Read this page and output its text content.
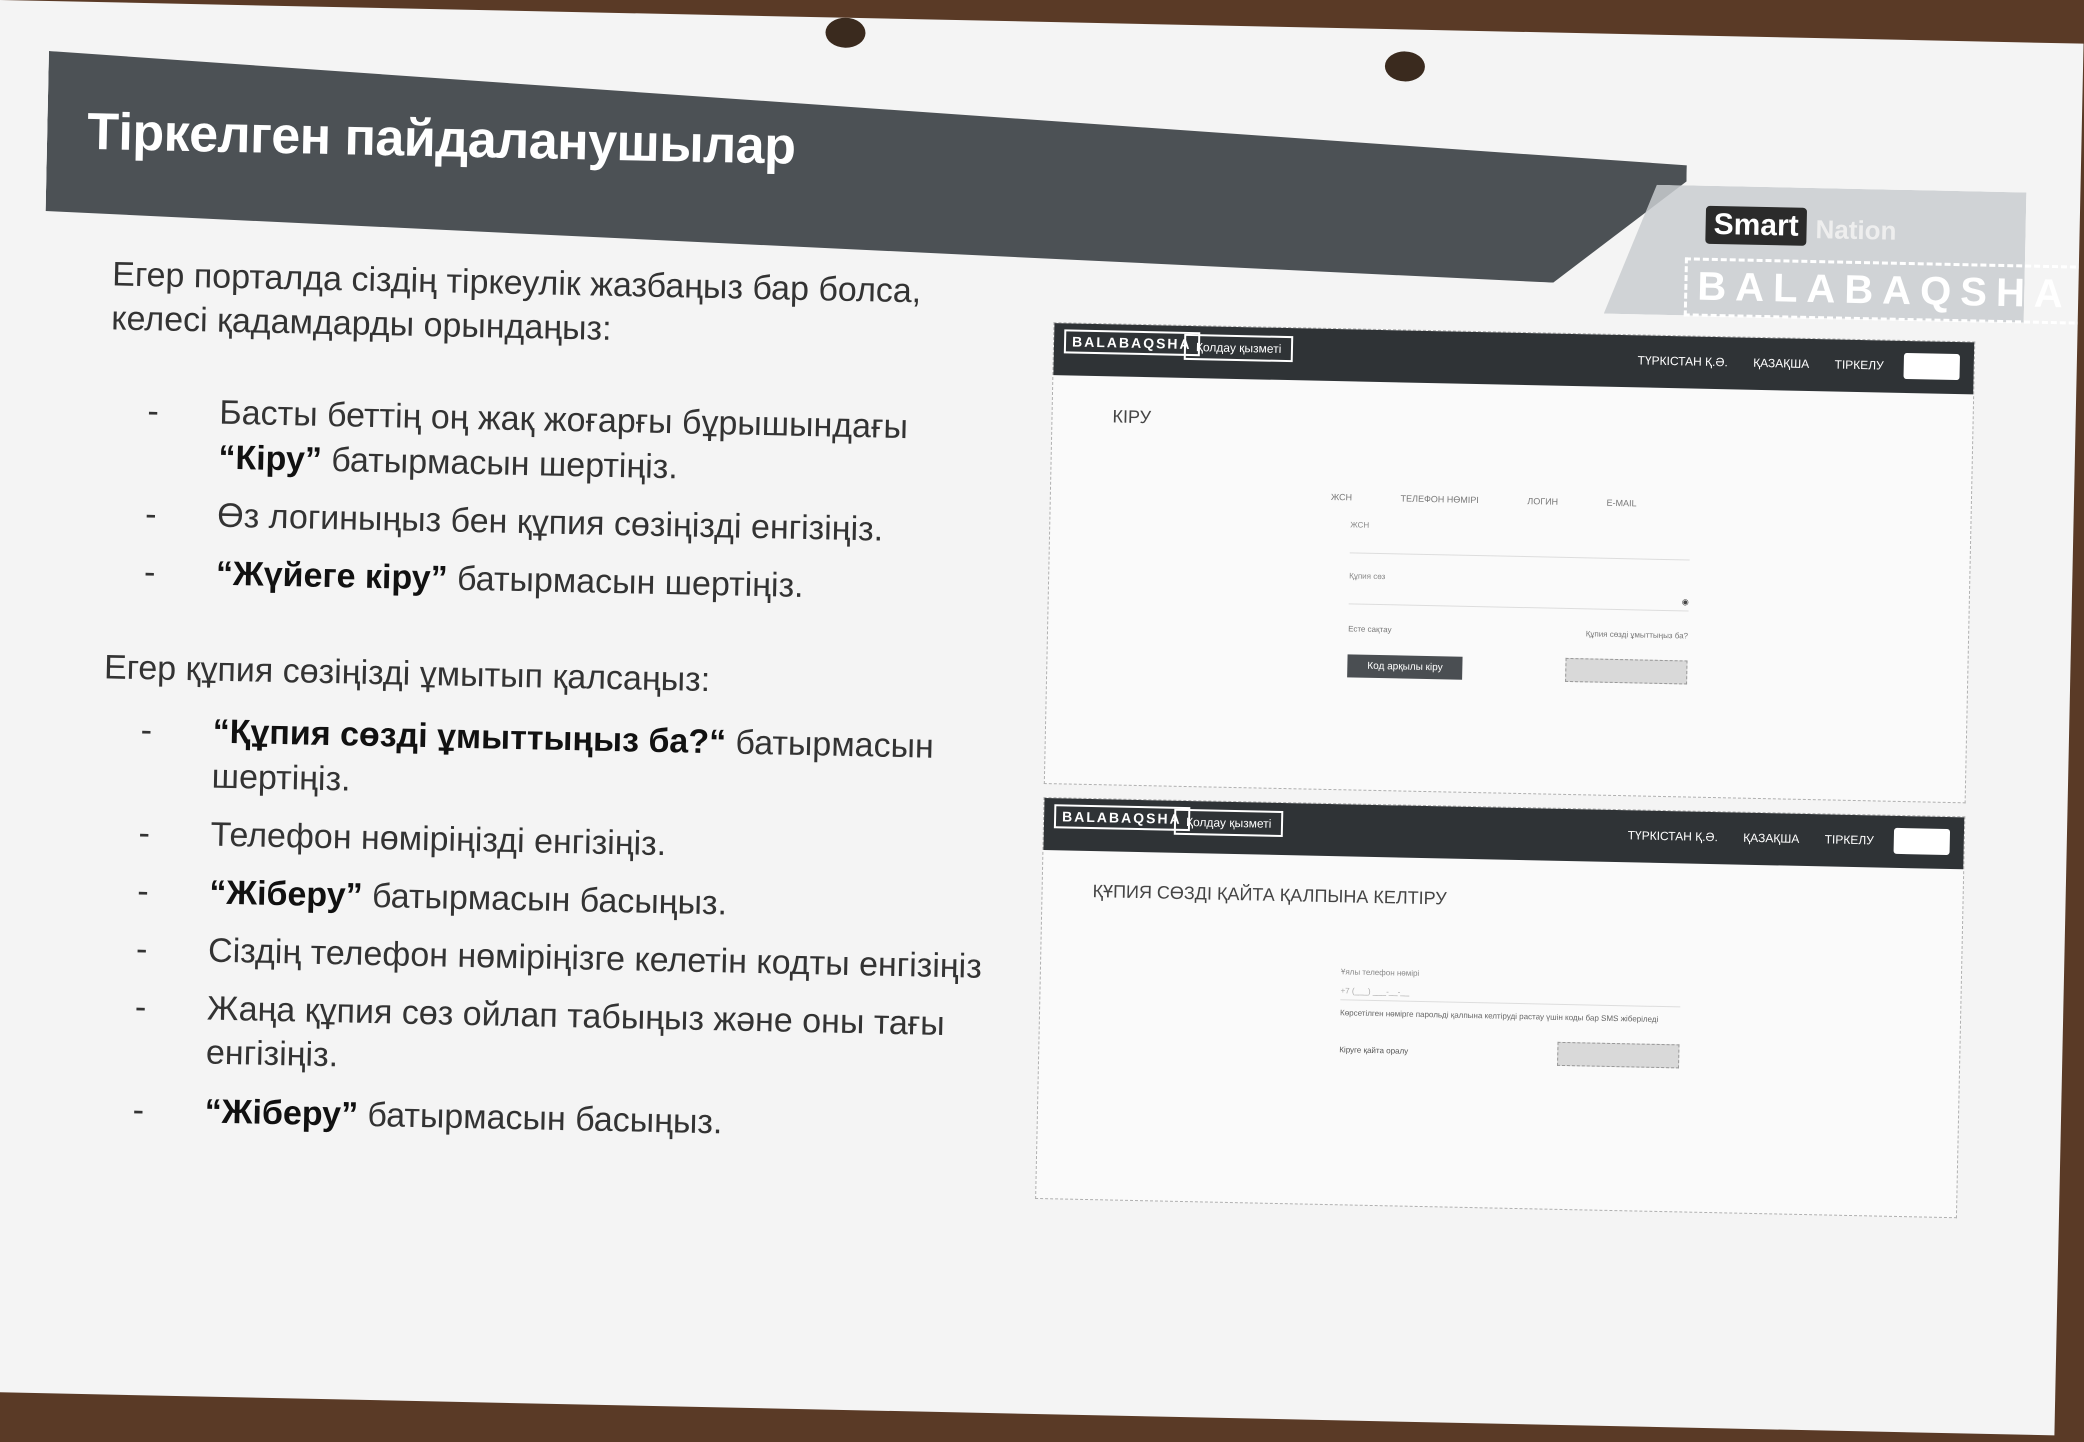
Тіркелген пайдаланушылар
Smart Nation
BALABAQSHA

Егер порталда сіздің тіркеулік жазбаңыз бар болса, келесі қадамдарды орындаңыз:

- Басты беттің оң жақ жоғарғы бұрышындағы “Кіру” батырмасын шертіңіз.
- Өз логиныңыз бен құпия сөзіңізді енгізіңіз.
- “Жүйеге кіру” батырмасын шертіңіз.

Егер құпия сөзіңізді ұмытып қалсаңыз:

- “Құпия сөзді ұмыттыңыз ба?“ батырмасын шертіңіз.
- Телефон нөміріңізді енгізіңіз.
- “Жіберу” батырмасын басыңыз.
- Сіздің телефон нөміріңізге келетін кодты енгізіңіз
- Жаңа құпия сөз ойлап табыңыз және оны тағы енгізіңіз.
- “Жіберу” батырмасын басыңыз.
BALABAQSHA Қолдау қызметі
ТҮРКІСТАН Қ.Ә. ҚАЗАҚША ТІРКЕЛУ
КІРУ
ЖСН	ТЕЛЕФОН НӨМІРІ	ЛОГИН	E-MAIL
ЖСН

Құпия сөз

◉
Есте сақтау
Құпия сөзді ұмыттыңыз ба?
Код арқылы кіру
BALABAQSHA Қолдау қызметі
ТҮРКІСТАН Қ.Ә. ҚАЗАҚША ТІРКЕЛУ
ҚҰПИЯ СӨЗДІ ҚАЙТА ҚАЛПЫНА КЕЛТІРУ
Ұялы телефон нөмірі
+7 (___) ___-__-__
Көрсетілген нөмірге парольді қалпына келтіруді растау үшін коды бар SMS жіберіледі
Кіруге қайта оралу
